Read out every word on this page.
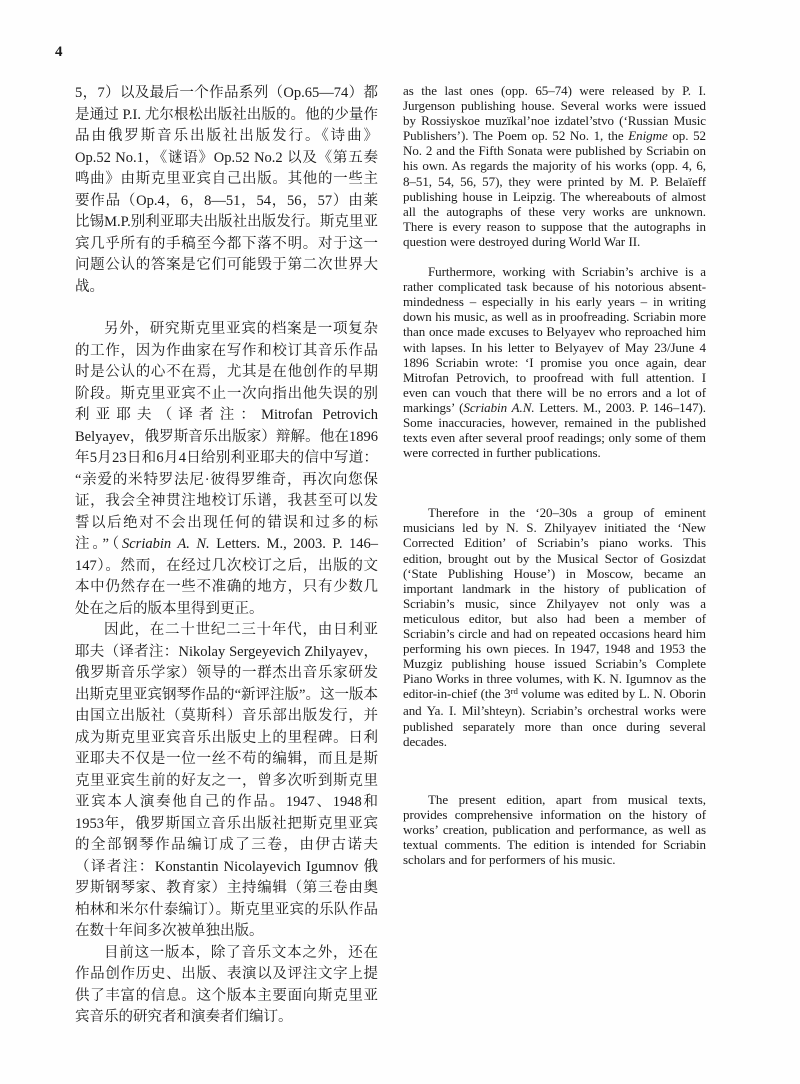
4

5，7）以及最后一个作品系列（Op.65—74）都是通过 P.I. 尤尔根松出版社出版的。他的少量作品由俄罗斯音乐出版社出版发行。《诗曲》Op.52 No.1，《谜语》Op.52 No.2 以及《第五奏鸣曲》由斯克里亚宾自己出版。其他的一些主要作品（Op.4，6，8—51，54，56，57）由莱比锡M.P.别利亚耶夫出版社出版发行。斯克里亚宾几乎所有的手稿至今都下落不明。对于这一问题公认的答案是它们可能毁于第二次世界大战。

另外，研究斯克里亚宾的档案是一项复杂的工作，因为作曲家在写作和校订其音乐作品时是公认的心不在焉，尤其是在他创作的早期阶段。斯克里亚宾不止一次向指出他失误的别利亚耶夫（译者注：Mitrofan Petrovich Belyayev，俄罗斯音乐出版家）辩解。他在1896年5月23日和6月4日给别利亚耶夫的信中写道：“亲爱的米特罗法尼·彼得罗维奇，再次向您保证，我会全神贯注地校订乐谱，我甚至可以发誓以后绝对不会出现任何的错误和过多的标注。”（Scriabin A. N. Letters. M., 2003. P. 146–147）。然而，在经过几次校订之后，出版的文本中仍然存在一些不准确的地方，只有少数几处在之后的版本里得到更正。

因此，在二十世纪二三十年代，由日利亚耶夫（译者注：Nikolay Sergeyevich Zhilyayev，俄罗斯音乐学家）领导的一群杰出音乐家研发出斯克里亚宾钢琴作品的“新评注版”。这一版本由国立出版社（莫斯科）音乐部出版发行，并成为斯克里亚宾音乐出版史上的里程碑。日利亚耶夫不仅是一位一丝不苟的编辑，而且是斯克里亚宾生前的好友之一，曾多次听到斯克里亚宾本人演奏他自己的作品。1947、1948和1953年，俄罗斯国立音乐出版社把斯克里亚宾的全部钢琴作品编订成了三卷，由伊古诺夫（译者注：Konstantin Nicolayevich Igumnov 俄罗斯钢琴家、教育家）主持编辑（第三卷由奥柏林和米尔什泰编订）。斯克里亚宾的乐队作品在数十年间多次被单独出版。

目前这一版本，除了音乐文本之外，还在作品创作历史、出版、表演以及评注文字上提供了丰富的信息。这个版本主要面向斯克里亚宾音乐的研究者和演奏者们编订。

as the last ones (opp. 65–74) were released by P. I. Jurgenson publishing house. Several works were issued by Rossiyskoe muzïkal’noe izdatel’stvo (‘Russian Music Publishers’). The Poem op. 52 No. 1, the Enigme op. 52 No. 2 and the Fifth Sonata were published by Scriabin on his own. As regards the majority of his works (opp. 4, 6, 8–51, 54, 56, 57), they were printed by M. P. Belaïeff publishing house in Leipzig. The whereabouts of almost all the autographs of these very works are unknown. There is every reason to suppose that the autographs in question were destroyed during World War II.

Furthermore, working with Scriabin’s archive is a rather complicated task because of his notorious absent-mindedness – especially in his early years – in writing down his music, as well as in proofreading. Scriabin more than once made excuses to Belyayev who reproached him with lapses. In his letter to Belyayev of May 23/June 4 1896 Scriabin wrote: ‘I promise you once again, dear Mitrofan Petrovich, to proofread with full attention. I even can vouch that there will be no errors and a lot of markings’ (Scriabin A.N. Letters. M., 2003. P. 146–147). Some inaccuracies, however, remained in the published texts even after several proof readings; only some of them were corrected in further publications.

Therefore in the ‘20–30s a group of eminent musicians led by N. S. Zhilyayev initiated the ‘New Corrected Edition’ of Scriabin’s piano works. This edition, brought out by the Musical Sector of Gosizdat (‘State Publishing House’) in Moscow, became an important landmark in the history of publication of Scriabin’s music, since Zhilyayev not only was a meticulous editor, but also had been a member of Scriabin’s circle and had on repeated occasions heard him performing his own pieces. In 1947, 1948 and 1953 the Muzgiz publishing house issued Scriabin’s Complete Piano Works in three volumes, with K. N. Igumnov as the editor-in-chief (the 3rd volume was edited by L. N. Oborin and Ya. I. Mil’shteyn). Scriabin’s orchestral works were published separately more than once during several decades.

The present edition, apart from musical texts, provides comprehensive information on the history of works’ creation, publication and performance, as well as textual comments. The edition is intended for Scriabin scholars and for performers of his music.
